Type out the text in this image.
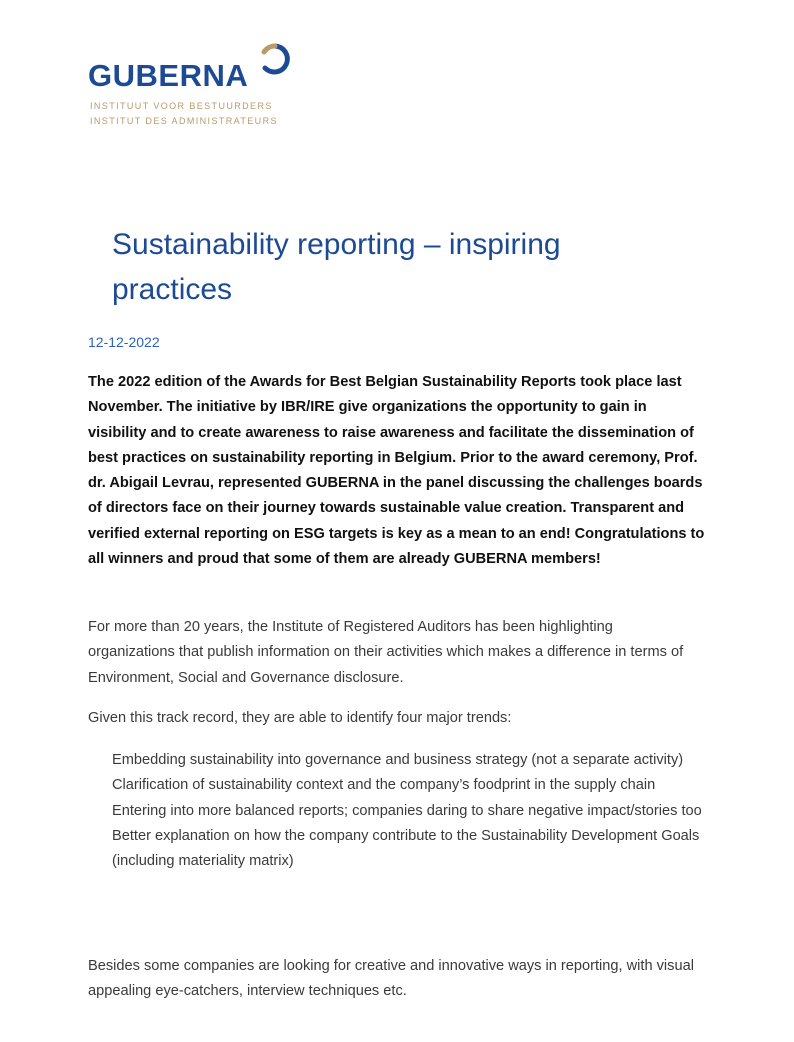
GUBERNA
INSTITUUT VOOR BESTUURDERS
INSTITUT DES ADMINISTRATEURS
Sustainability reporting – inspiring practices
12-12-2022

The 2022 edition of the Awards for Best Belgian Sustainability Reports took place last November. The initiative by IBR/IRE give organizations the opportunity to gain in visibility and to create awareness to raise awareness and facilitate the dissemination of best practices on sustainability reporting in Belgium. Prior to the award ceremony, Prof. dr. Abigail Levrau, represented GUBERNA in the panel discussing the challenges boards of directors face on their journey towards sustainable value creation. Transparent and verified external reporting on ESG targets is key as a mean to an end! Congratulations to all winners and proud that some of them are already GUBERNA members!

For more than 20 years, the Institute of Registered Auditors has been highlighting organizations that publish information on their activities which makes a difference in terms of Environment, Social and Governance disclosure.

Given this track record, they are able to identify four major trends:

Embedding sustainability into governance and business strategy (not a separate activity)
Clarification of sustainability context and the company’s foodprint in the supply chain
Entering into more balanced reports; companies daring to share negative impact/stories too
Better explanation on how the company contribute to the Sustainability Development Goals (including materiality matrix)

Besides some companies are looking for creative and innovative ways in reporting, with visual appealing eye-catchers, interview techniques etc.
